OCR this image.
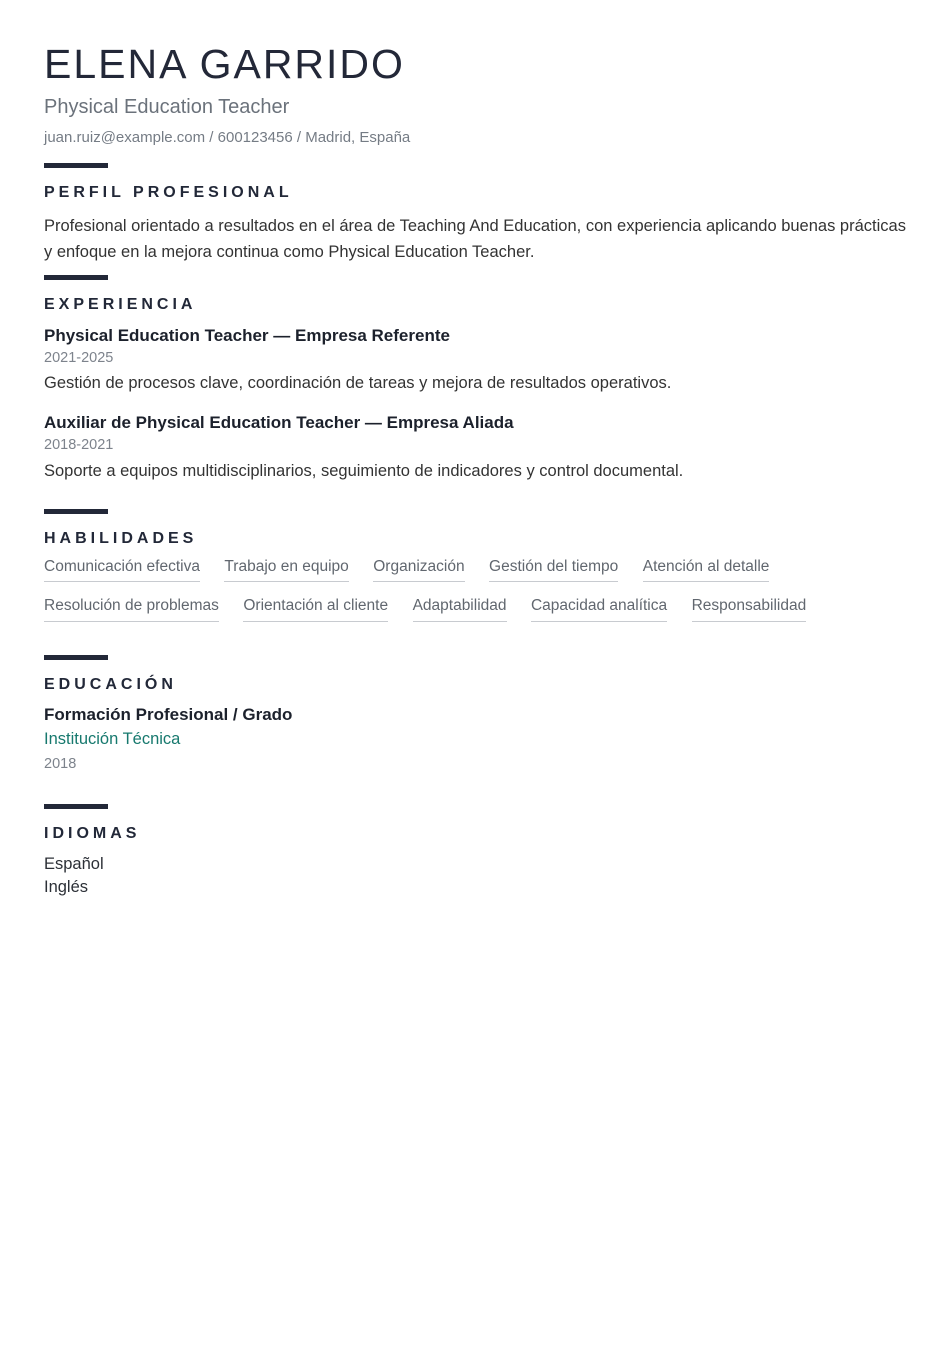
ELENA GARRIDO
Physical Education Teacher
juan.ruiz@example.com / 600123456 / Madrid, España
PERFIL PROFESIONAL

Profesional orientado a resultados en el área de Teaching And Education, con experiencia aplicando buenas prácticas y enfoque en la mejora continua como Physical Education Teacher.

EXPERIENCIA
Physical Education Teacher — Empresa Referente
2021-2025
Gestión de procesos clave, coordinación de tareas y mejora de resultados operativos.
Auxiliar de Physical Education Teacher — Empresa Aliada
2018-2021
Soporte a equipos multidisciplinarios, seguimiento de indicadores y control documental.
HABILIDADES
Comunicación efectiva Trabajo en equipo Organización Gestión del tiempo Atención al detalle Resolución de problemas Orientación al cliente Adaptabilidad Capacidad analítica Responsabilidad
EDUCACIÓN
Formación Profesional / Grado
Institución Técnica
2018
IDIOMAS
Español
Inglés
